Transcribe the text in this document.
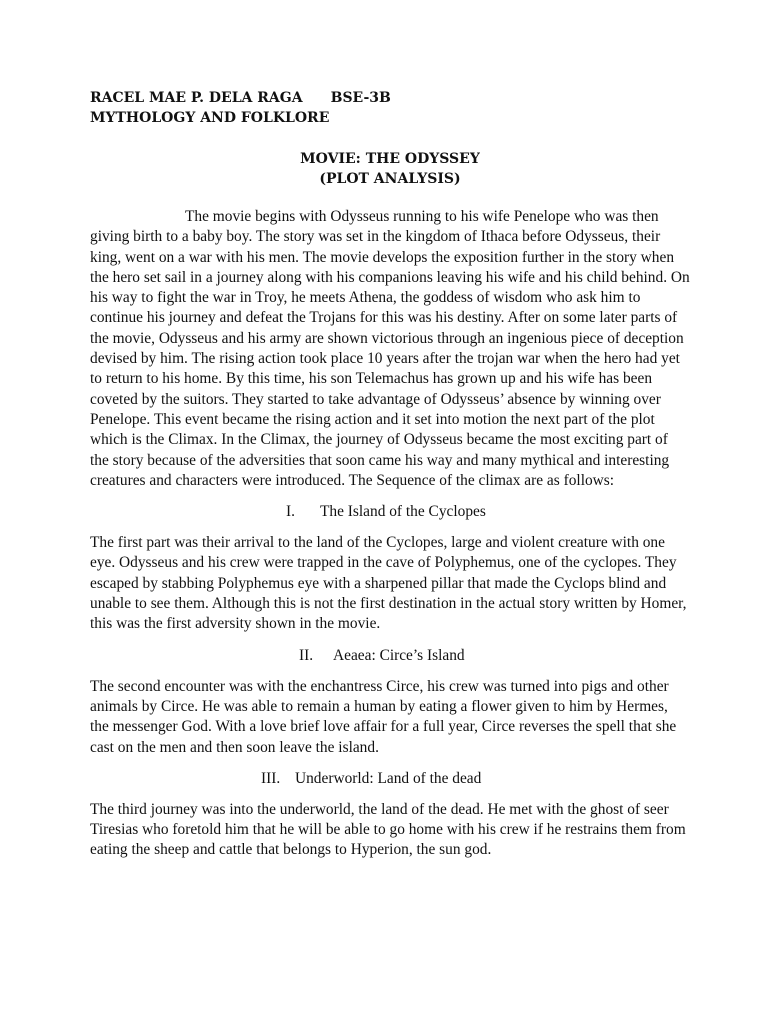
RACEL MAE P. DELA RAGA BSE-3B
MYTHOLOGY AND FOLKLORE
MOVIE: THE ODYSSEY
(PLOT ANALYSIS)

The movie begins with Odysseus running to his wife Penelope who was then giving birth to a baby boy. The story was set in the kingdom of Ithaca before Odysseus, their king, went on a war with his men. The movie develops the exposition further in the story when the hero set sail in a journey along with his companions leaving his wife and his child behind. On his way to fight the war in Troy, he meets Athena, the goddess of wisdom who ask him to continue his journey and defeat the Trojans for this was his destiny. After on some later parts of the movie, Odysseus and his army are shown victorious through an ingenious piece of deception devised by him. The rising action took place 10 years after the trojan war when the hero had yet to return to his home. By this time, his son Telemachus has grown up and his wife has been coveted by the suitors. They started to take advantage of Odysseus’ absence by winning over Penelope. This event became the rising action and it set into motion the next part of the plot which is the Climax. In the Climax, the journey of Odysseus became the most exciting part of the story because of the adversities that soon came his way and many mythical and interesting creatures and characters were introduced. The Sequence of the climax are as follows:

I. The Island of the Cyclopes

The first part was their arrival to the land of the Cyclopes, large and violent creature with one eye. Odysseus and his crew were trapped in the cave of Polyphemus, one of the cyclopes. They escaped by stabbing Polyphemus eye with a sharpened pillar that made the Cyclops blind and unable to see them. Although this is not the first destination in the actual story written by Homer, this was the first adversity shown in the movie.

II. Aeaea: Circe’s Island

The second encounter was with the enchantress Circe, his crew was turned into pigs and other animals by Circe. He was able to remain a human by eating a flower given to him by Hermes, the messenger God. With a love brief love affair for a full year, Circe reverses the spell that she cast on the men and then soon leave the island.

III. Underworld: Land of the dead

The third journey was into the underworld, the land of the dead. He met with the ghost of seer Tiresias who foretold him that he will be able to go home with his crew if he restrains them from eating the sheep and cattle that belongs to Hyperion, the sun god.
